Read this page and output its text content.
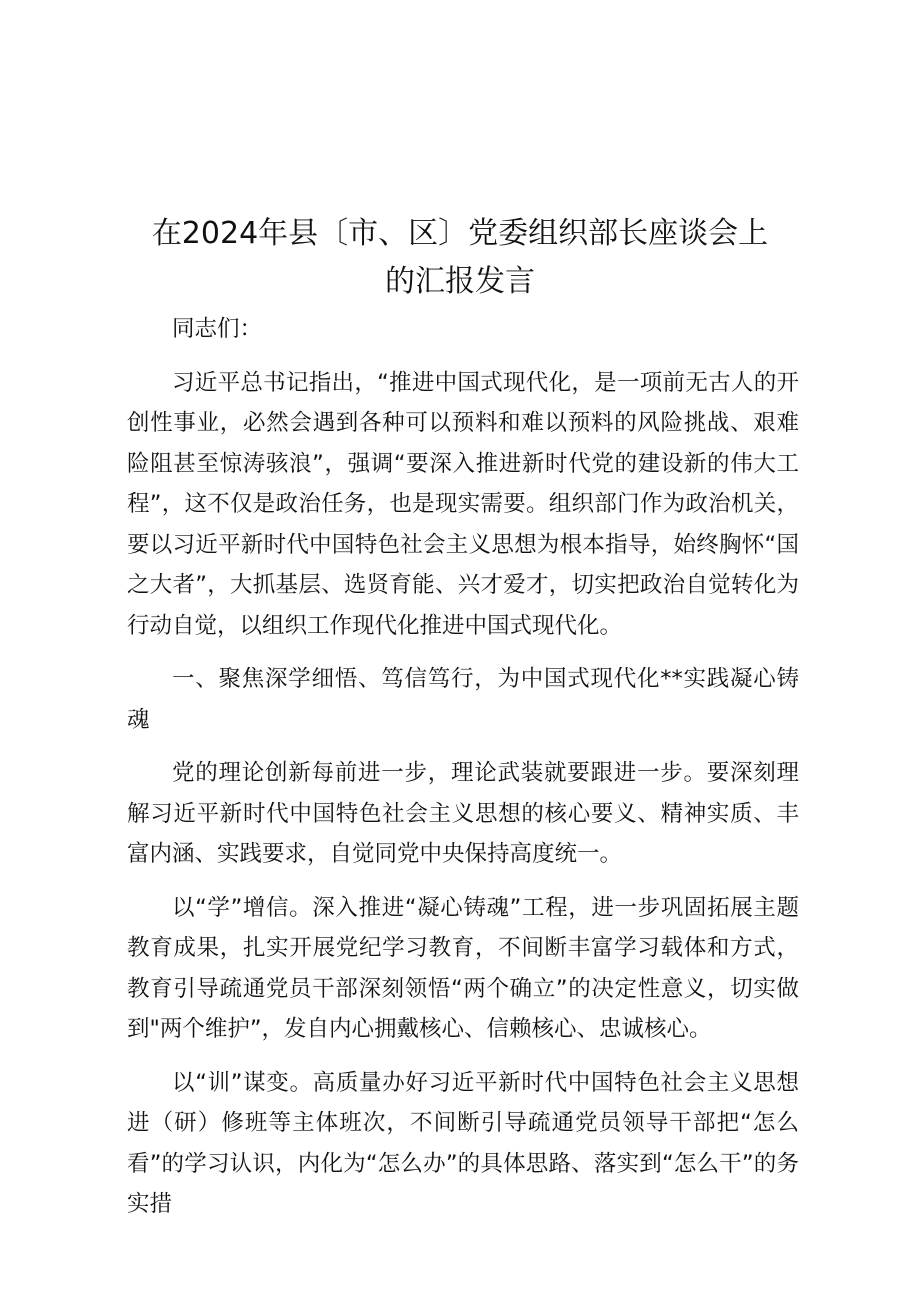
在2024年县〔市、区〕党委组织部长座谈会上
的汇报发言

同志们：

习近平总书记指出，“推进中国式现代化，是一项前无古人的开创性事业，必然会遇到各种可以预料和难以预料的风险挑战、艰难险阻甚至惊涛骇浪”，强调“要深入推进新时代党的建设新的伟大工程”，这不仅是政治任务，也是现实需要。组织部门作为政治机关，要以习近平新时代中国特色社会主义思想为根本指导，始终胸怀“国之大者”，大抓基层、选贤育能、兴才爱才，切实把政治自觉转化为行动自觉，以组织工作现代化推进中国式现代化。

一、聚焦深学细悟、笃信笃行，为中国式现代化**实践凝心铸魂

党的理论创新每前进一步，理论武装就要跟进一步。要深刻理解习近平新时代中国特色社会主义思想的核心要义、精神实质、丰富内涵、实践要求，自觉同党中央保持高度统一。

以“学”增信。深入推进“凝心铸魂”工程，进一步巩固拓展主题教育成果，扎实开展党纪学习教育，不间断丰富学习载体和方式，教育引导疏通党员干部深刻领悟“两个确立”的决定性意义，切实做到"两个维护”，发自内心拥戴核心、信赖核心、忠诚核心。

以“训”谋变。高质量办好习近平新时代中国特色社会主义思想进（研）修班等主体班次，不间断引导疏通党员领导干部把“怎么看”的学习认识，内化为“怎么办”的具体思路、落实到“怎么干”的务实措
